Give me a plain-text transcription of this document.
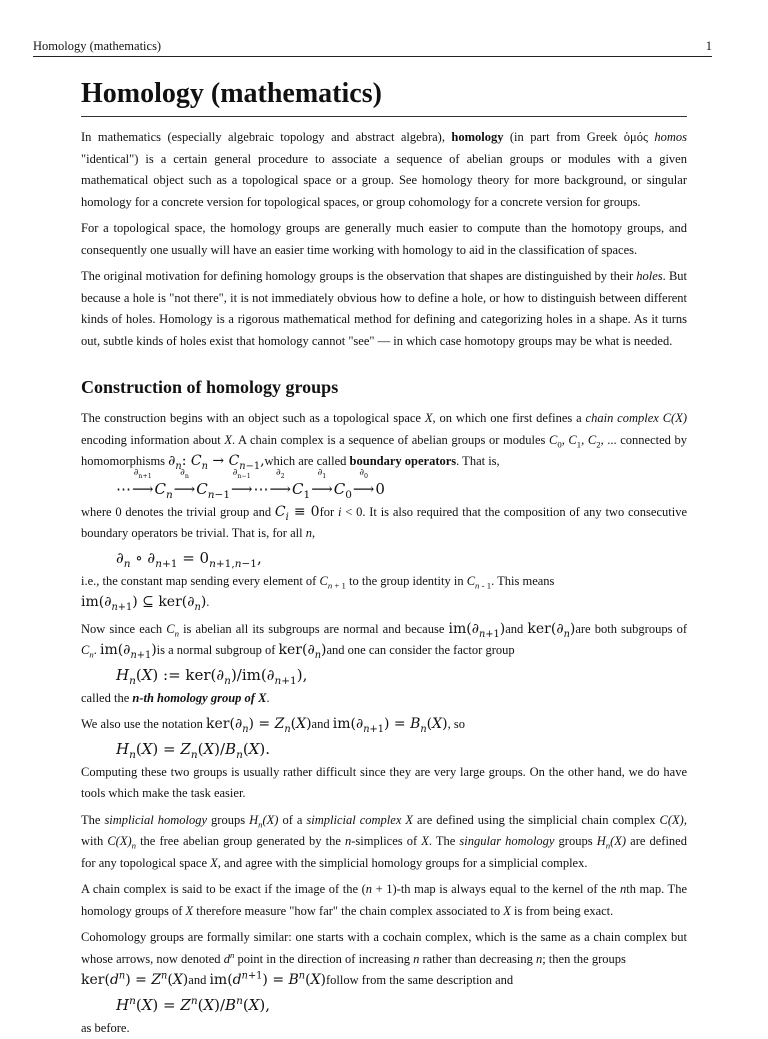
Homology (mathematics)	1
Homology (mathematics)

In mathematics (especially algebraic topology and abstract algebra), homology (in part from Greek ὁμός homos "identical") is a certain general procedure to associate a sequence of abelian groups or modules with a given mathematical object such as a topological space or a group. See homology theory for more background, or singular homology for a concrete version for topological spaces, or group cohomology for a concrete version for groups.

For a topological space, the homology groups are generally much easier to compute than the homotopy groups, and consequently one usually will have an easier time working with homology to aid in the classification of spaces.

The original motivation for defining homology groups is the observation that shapes are distinguished by their holes. But because a hole is "not there", it is not immediately obvious how to define a hole, or how to distinguish between different kinds of holes. Homology is a rigorous mathematical method for defining and categorizing holes in a shape. As it turns out, subtle kinds of holes exist that homology cannot "see" — in which case homotopy groups may be what is needed.

Construction of homology groups

The construction begins with an object such as a topological space X, on which one first defines a chain complex C(X) encoding information about X. A chain complex is a sequence of abelian groups or modules $C_0$, $C_1$, $C_2$, ... connected by homomorphisms $\partial_n$: $C_n$ → $C_{n-1},which$ are called boundary operators. That is,

⋯
$\partial_{n+1}$
$⟶C_n$
$\partial_n$
$⟶C_{n-1}$
$\partial_{n-1}$
⟶⋯
$\partial_2$
$⟶C_1$
$\partial_1$
$⟶C_0$
$\partial_0$
⟶0

where 0 denotes the trivial group and $C_i \equiv 0for$ i < 0. It is also required that the composition of any two consecutive boundary operators be trivial. That is, for all n,

$\partial_n$ ∘ $\partial_{n+1} = 0_{n+1,n-1}$,

i.e., the constant map sending every element of $C_{n + 1}$ to the group identity in $C_{n - 1}$. This means
$im(\partial_{n+1})$ ⊆ $ker(\partial_n)$.

Now since each $C_n$ is abelian all its subgroups are normal and because $im(\partial_{n+1})and$ $ker(\partial_n)are$ both subgroups of $C_n$. $im(\partial_{n+1})is$ a normal subgroup of $ker(\partial_n)and$ one can consider the factor group

$H_n(X)$ := $ker(\partial_n)/im(\partial_{n+1})$,

called the n-th homology group of X.

We also use the notation $ker(\partial_n) = Z_n(X)and$ $im(\partial_{n+1}) = B_n(X)$, so

$H_n(X) = Z_n(X)/B_n(X)$.

Computing these two groups is usually rather difficult since they are very large groups. On the other hand, we do have tools which make the task easier.

The simplicial homology groups $H_n(X)$ of a simplicial complex X are defined using the simplicial chain complex C(X), with $C(X)_n$ the free abelian group generated by the n-simplices of X. The singular homology groups $H_n(X)$ are defined for any topological space X, and agree with the simplicial homology groups for a simplicial complex.

A chain complex is said to be exact if the image of the (n + 1)-th map is always equal to the kernel of the nth map. The homology groups of X therefore measure "how far" the chain complex associated to X is from being exact.

Cohomology groups are formally similar: one starts with a cochain complex, which is the same as a chain complex but whose arrows, now denoted $d^n$ point in the direction of increasing n rather than decreasing n; then the groups
$ker(d^n) = Z^n(X)and$ $im(d^{n+1})$ = $B^n(X)follow$ from the same description and

$H^n(X) = Z^n(X)/B^n(X)$,

as before.
